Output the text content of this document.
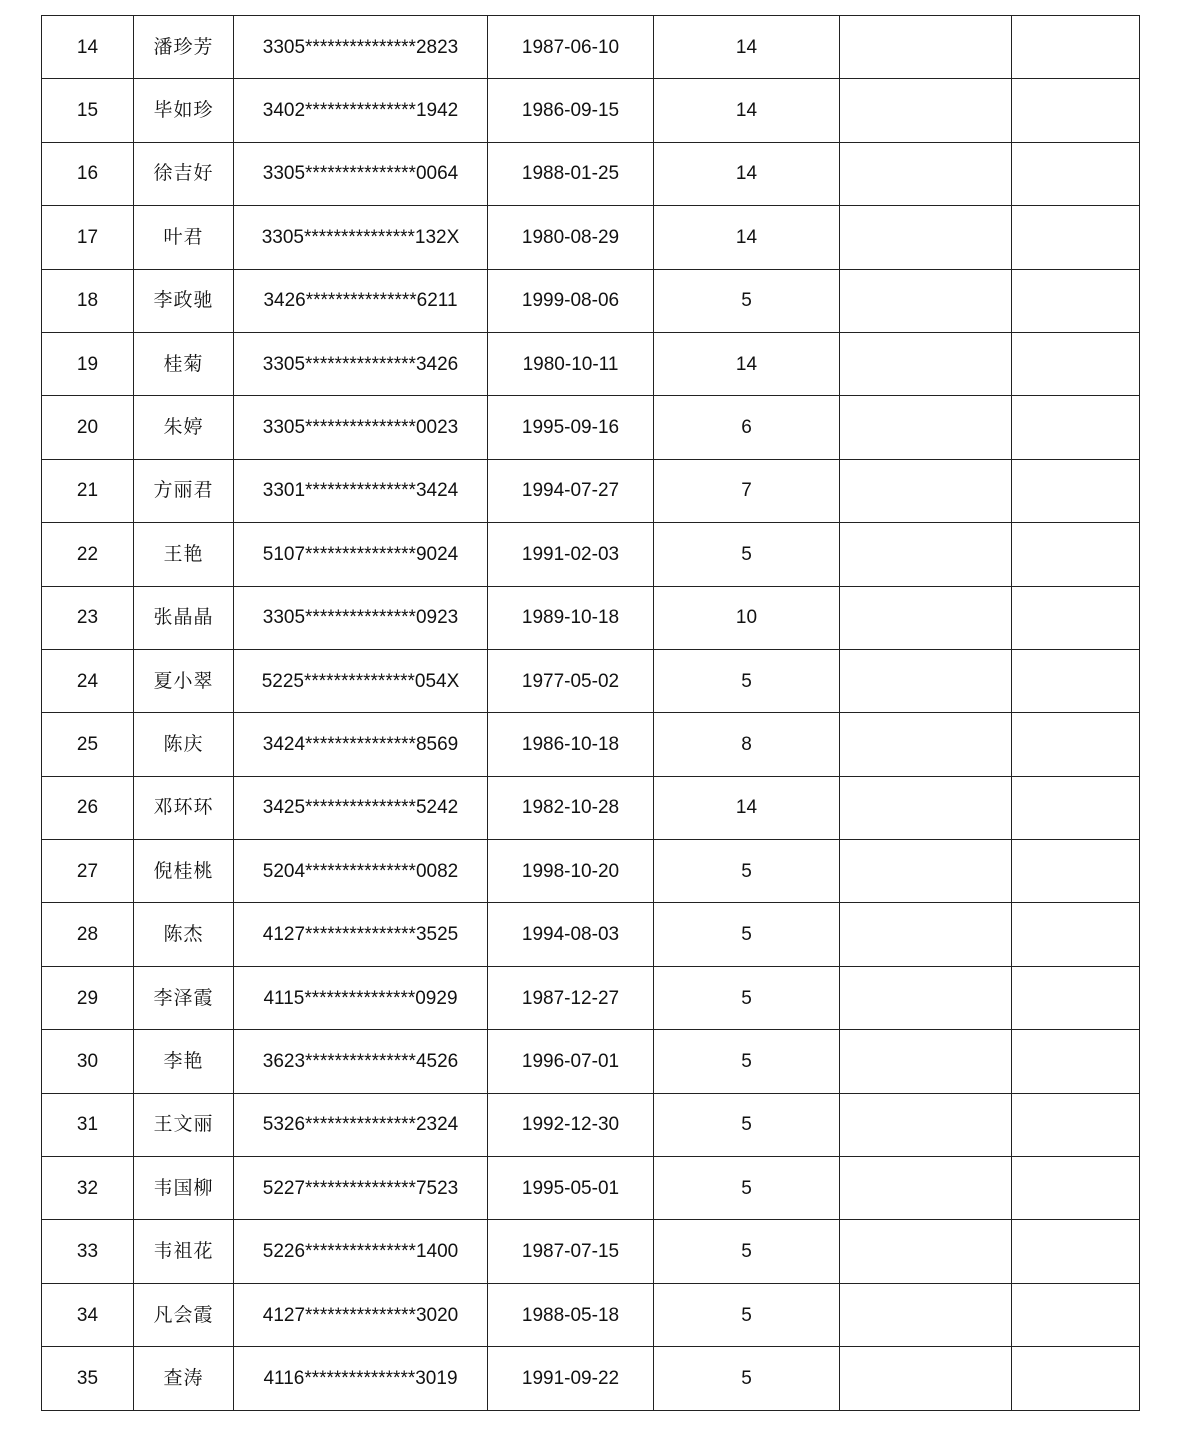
14	潘珍芳	3305***************2823	1987-06-10	14		
15	毕如珍	3402***************1942	1986-09-15	14		
16	徐吉好	3305***************0064	1988-01-25	14		
17	叶君	3305***************132X	1980-08-29	14		
18	李政驰	3426***************6211	1999-08-06	5		
19	桂菊	3305***************3426	1980-10-11	14		
20	朱婷	3305***************0023	1995-09-16	6		
21	方丽君	3301***************3424	1994-07-27	7		
22	王艳	5107***************9024	1991-02-03	5		
23	张晶晶	3305***************0923	1989-10-18	10		
24	夏小翠	5225***************054X	1977-05-02	5		
25	陈庆	3424***************8569	1986-10-18	8		
26	邓环环	3425***************5242	1982-10-28	14		
27	倪桂桃	5204***************0082	1998-10-20	5		
28	陈杰	4127***************3525	1994-08-03	5		
29	李泽霞	4115***************0929	1987-12-27	5		
30	李艳	3623***************4526	1996-07-01	5		
31	王文丽	5326***************2324	1992-12-30	5		
32	韦国柳	5227***************7523	1995-05-01	5		
33	韦祖花	5226***************1400	1987-07-15	5		
34	凡会霞	4127***************3020	1988-05-18	5		
35	查涛	4116***************3019	1991-09-22	5		
